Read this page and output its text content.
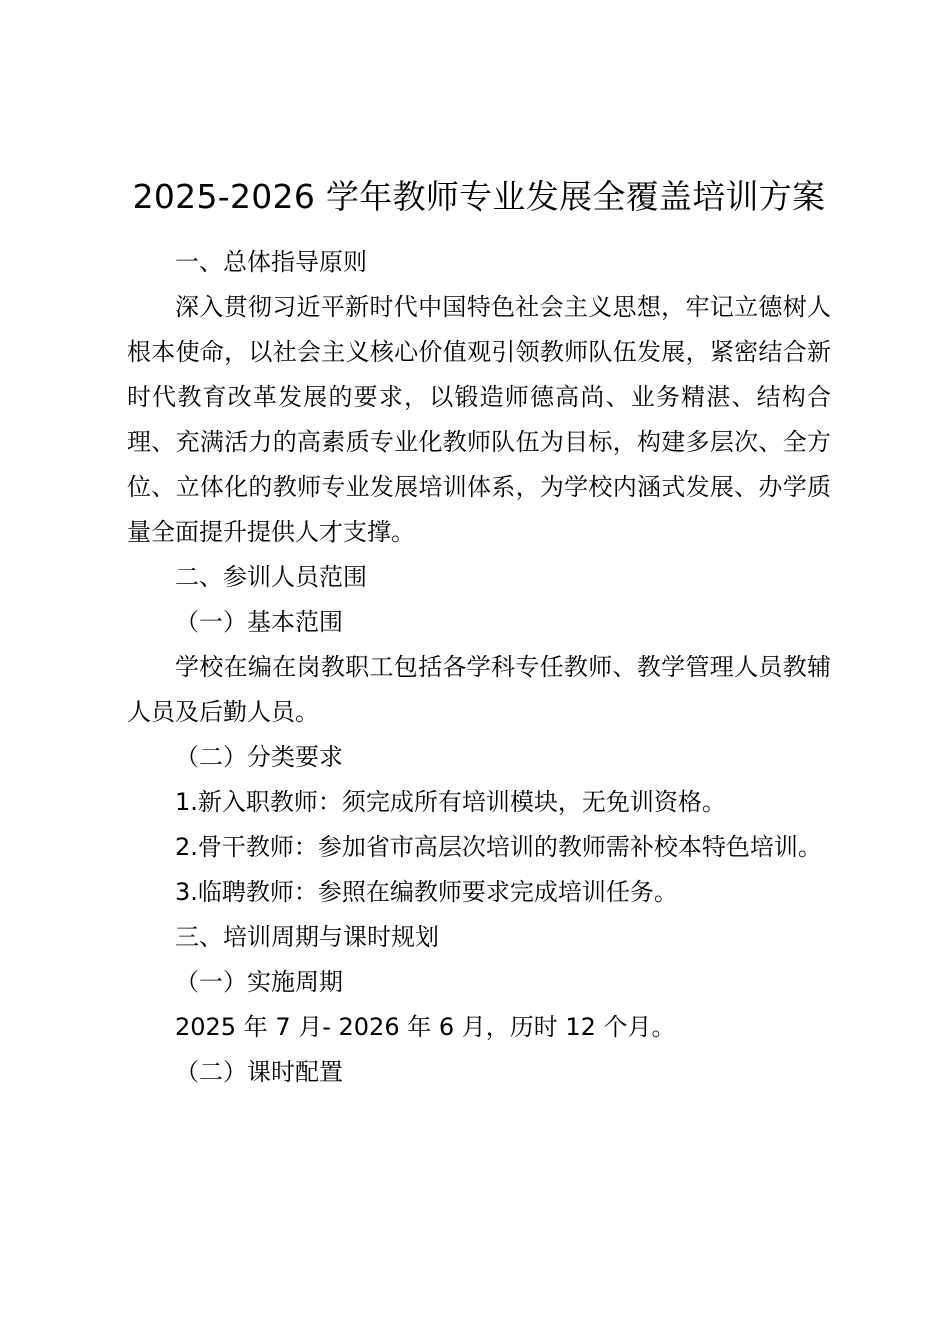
2025-2026 学年教师专业发展全覆盖培训方案

一、总体指导原则

深入贯彻习近平新时代中国特色社会主义思想，牢记立德树人根本使命，以社会主义核心价值观引领教师队伍发展，紧密结合新时代教育改革发展的要求，以锻造师德高尚、业务精湛、结构合理、充满活力的高素质专业化教师队伍为目标，构建多层次、全方位、立体化的教师专业发展培训体系，为学校内涵式发展、办学质量全面提升提供人才支撑。

二、参训人员范围

（一）基本范围

学校在编在岗教职工包括各学科专任教师、教学管理人员教辅人员及后勤人员。

（二）分类要求

1.新入职教师：须完成所有培训模块，无免训资格。

2.骨干教师：参加省市高层次培训的教师需补校本特色培训。

3.临聘教师：参照在编教师要求完成培训任务。

三、培训周期与课时规划

（一）实施周期

2025 年 7 月- 2026 年 6 月，历时 12 个月。

（二）课时配置
